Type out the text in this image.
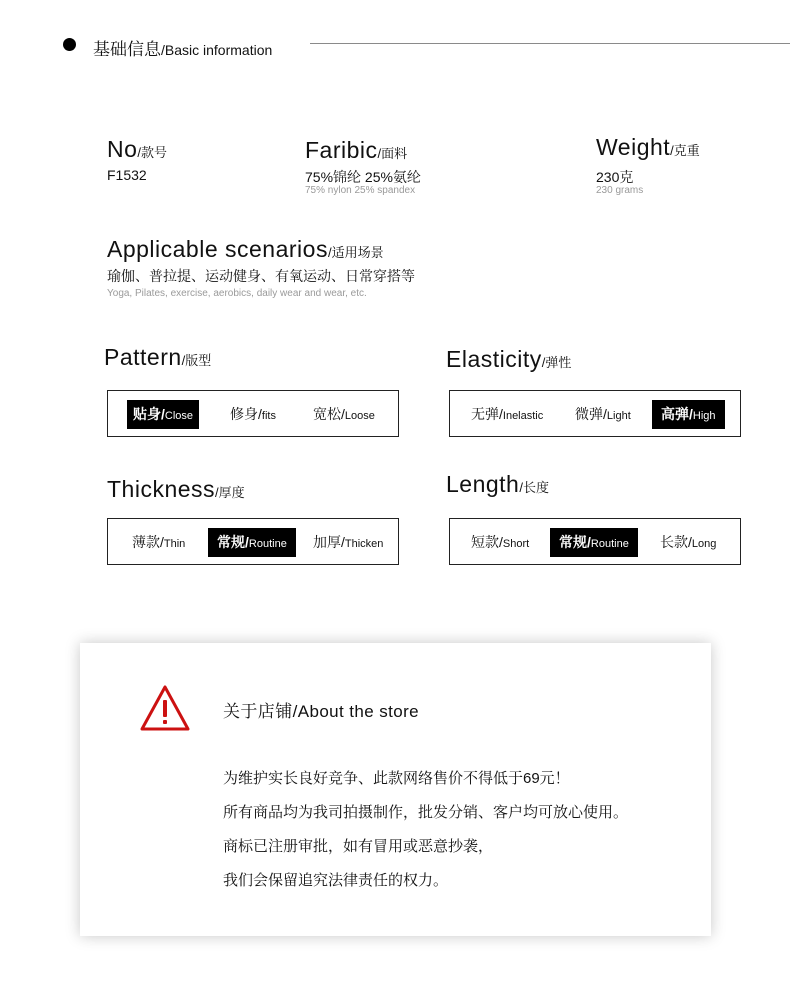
基础信息/Basic information
No/款号
F1532
Faribic/面料
75%锦纶 25%氨纶
75% nylon 25% spandex
Weight/克重
230克
230 grams
Applicable scenarios/适用场景
瑜伽、普拉提、运动健身、有氧运动、日常穿搭等
Yoga, Pilates, exercise, aerobics, daily wear and wear, etc.
Pattern/版型
贴身/Close	修身/fits	宽松/Loose
Elasticity/弹性
无弹/Inelastic 微弹/Light	高弹/High
Thickness/厚度
薄款/Thin	常规/Routine	加厚/Thicken
Length/长度
短款/Short	常规/Routine	长款/Long
关于店铺/About the store
为维护实长良好竞争、此款网络售价不得低于69元！
所有商品均为我司拍摄制作，批发分销、客户均可放心使用。
商标已注册审批，如有冒用或恶意抄袭，
我们会保留追究法律责任的权力。
